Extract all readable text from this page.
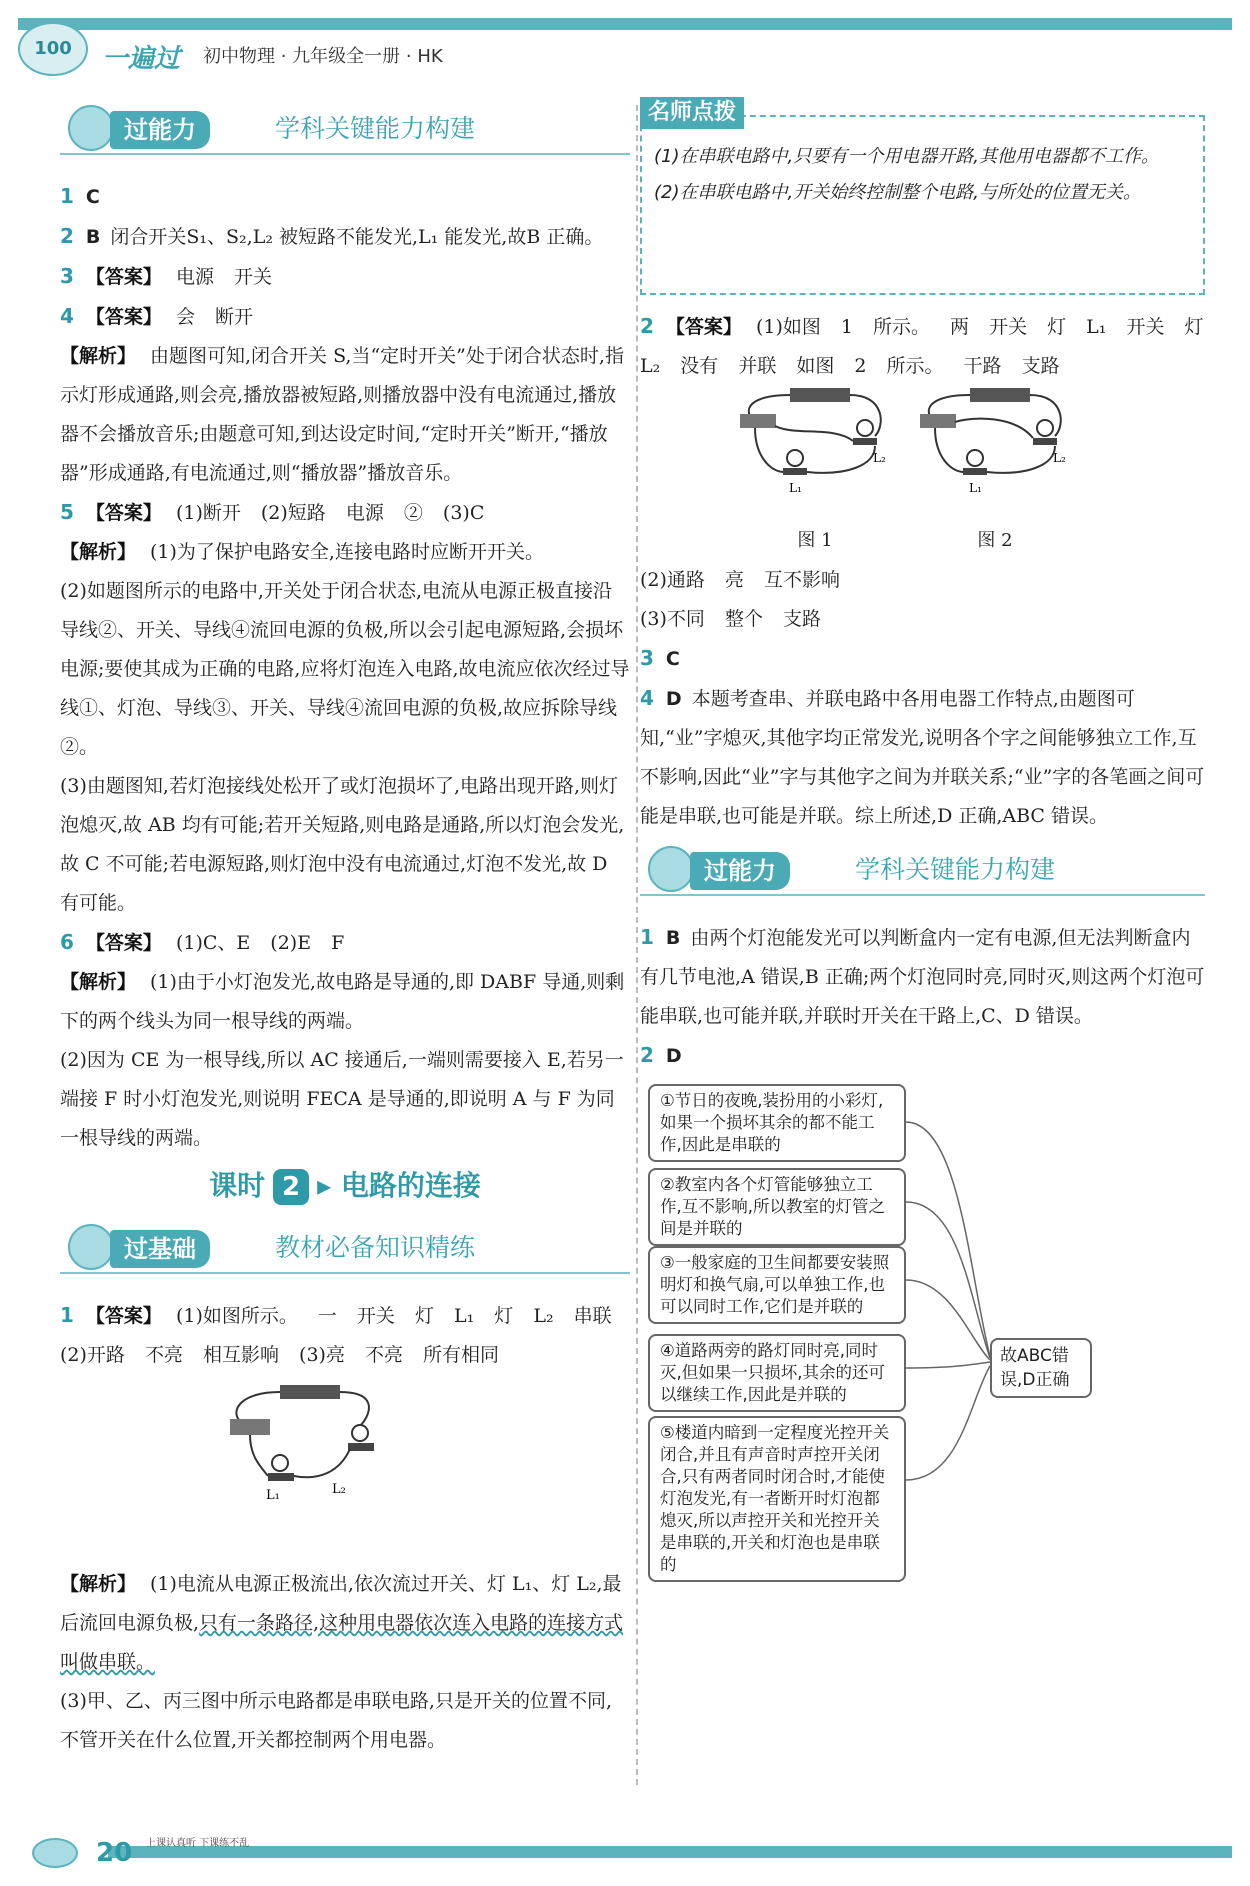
100	一遍过 初中物理 · 九年级全一册 · HK
过能力	学科关键能力构建

1 C

2 B 闭合开关S₁、S₂,L₂ 被短路不能发光,L₁ 能发光,故B 正确。

3 【答案】 电源 开关

4 【答案】 会 断开

【解析】 由题图可知,闭合开关 S,当“定时开关”处于闭合状态时,指示灯形成通路,则会亮,播放器被短路,则播放器中没有电流通过,播放器不会播放音乐;由题意可知,到达设定时间,“定时开关”断开,“播放器”形成通路,有电流通过,则“播放器”播放音乐。

5 【答案】 (1)断开 (2)短路 电源 ② (3)C

【解析】 (1)为了保护电路安全,连接电路时应断开开关。

(2)如题图所示的电路中,开关处于闭合状态,电流从电源正极直接沿导线②、开关、导线④流回电源的负极,所以会引起电源短路,会损坏电源;要使其成为正确的电路,应将灯泡连入电路,故电流应依次经过导线①、灯泡、导线③、开关、导线④流回电源的负极,故应拆除导线②。

(3)由题图知,若灯泡接线处松开了或灯泡损坏了,电路出现开路,则灯泡熄灭,故 AB 均有可能;若开关短路,则电路是通路,所以灯泡会发光,故 C 不可能;若电源短路,则灯泡中没有电流通过,灯泡不发光,故 D 有可能。

6 【答案】 (1)C、E (2)E F

【解析】 (1)由于小灯泡发光,故电路是导通的,即 DABF 导通,则剩下的两个线头为同一根导线的两端。

(2)因为 CE 为一根导线,所以 AC 接通后,一端则需要接入 E,若另一端接 F 时小灯泡发光,则说明 FECA 是导通的,即说明 A 与 F 为同一根导线的两端。

课时 2 ▸ 电路的连接
过基础	教材必备知识精练

1 【答案】 (1)如图所示。 一 开关 灯 L₁ 灯 L₂ 串联 (2)开路 不亮 相互影响 (3)亮 不亮 所有相同

L₂
L₁

【解析】 (1)电流从电源正极流出,依次流过开关、灯 L₁、灯 L₂,最后流回电源负极,只有一条路径,这种用电器依次连入电路的连接方式叫做串联。

(3)甲、乙、丙三图中所示电路都是串联电路,只是开关的位置不同,不管开关在什么位置,开关都控制两个用电器。

名师点拨

(1)在串联电路中,只要有一个用电器开路,其他用电器都不工作。

(2)在串联电路中,开关始终控制整个电路,与所处的位置无关。

2 【答案】 (1)如图 1 所示。 两 开关 灯 L₁ 开关 灯 L₂ 没有 并联 如图 2 所示。 干路 支路

L₂
L₁
图 1
L₂
L₁
图 2

(2)通路 亮 互不影响

(3)不同 整个 支路

3 C

4 D 本题考查串、并联电路中各用电器工作特点,由题图可知,“业”字熄灭,其他字均正常发光,说明各个字之间能够独立工作,互不影响,因此“业”字与其他字之间为并联关系;“业”字的各笔画之间可能是串联,也可能是并联。综上所述,D 正确,ABC 错误。

过能力	学科关键能力构建

1 B 由两个灯泡能发光可以判断盒内一定有电源,但无法判断盒内有几节电池,A 错误,B 正确;两个灯泡同时亮,同时灭,则这两个灯泡可能串联,也可能并联,并联时开关在干路上,C、D 错误。

2 D

①节日的夜晚,装扮用的小彩灯,如果一个损坏其余的都不能工作,因此是串联的
②教室内各个灯管能够独立工作,互不影响,所以教室的灯管之间是并联的
③一般家庭的卫生间都要安装照明灯和换气扇,可以单独工作,也可以同时工作,它们是并联的
④道路两旁的路灯同时亮,同时灭,但如果一只损坏,其余的还可以继续工作,因此是并联的
⑤楼道内暗到一定程度光控开关闭合,并且有声音时声控开关闭合,只有两者同时闭合时,才能使灯泡发光,有一者断开时灯泡都熄灭,所以声控开关和光控开关是串联的,开关和灯泡也是串联的
故ABC错误,D正确
20 上课认真听 下课练不乱
